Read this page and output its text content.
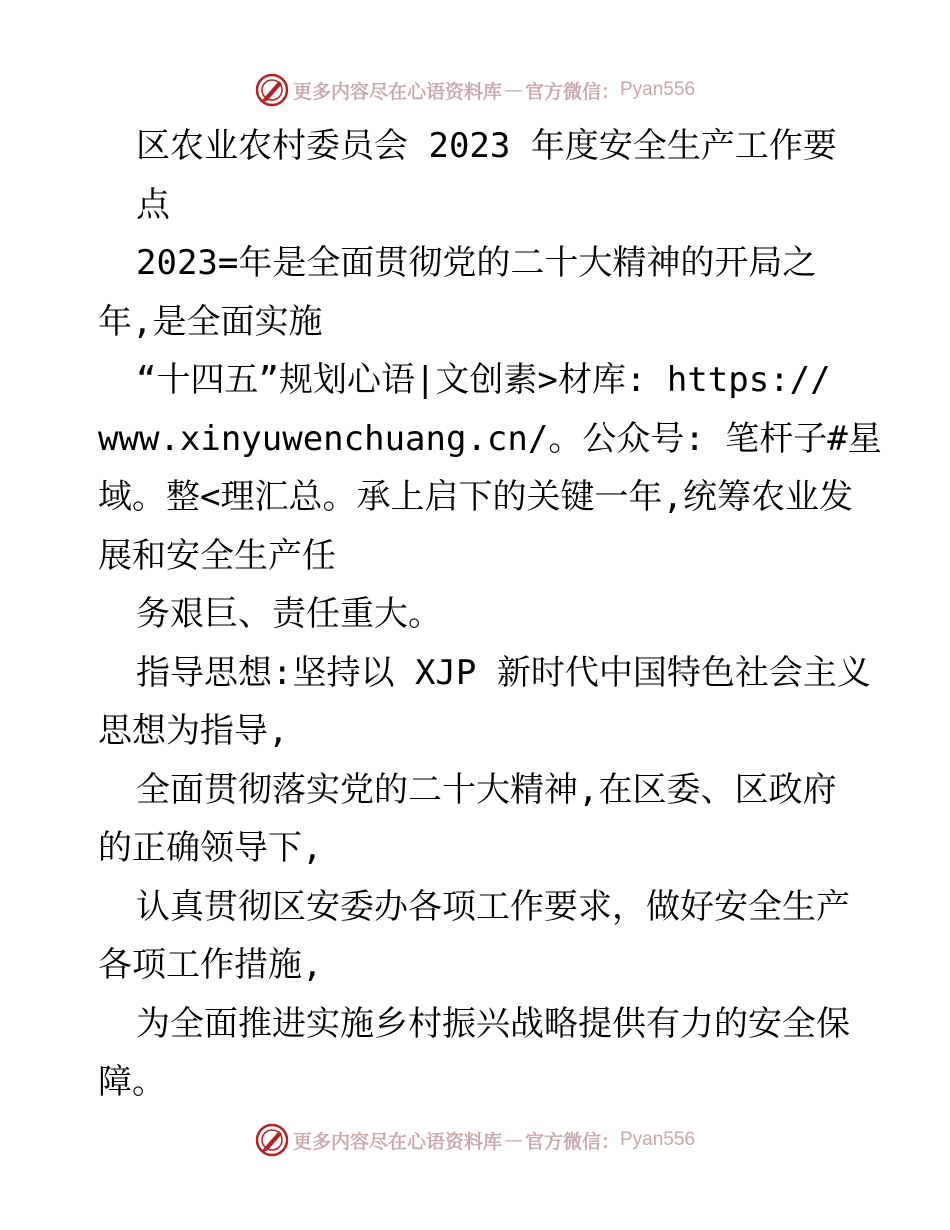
更多内容尽在心语资料库 — 官方微信： Pyan556
区农业农村委员会 2023 年度安全生产工作要
点
2023=年是全面贯彻党的二十大精神的开局之
年,是全面实施
“十四五”规划心语|文创素>材库: https://
www.xinyuwenchuang.cn/。公众号: 笔杆子#星
域。整<理汇总。承上启下的关键一年,统筹农业发
展和安全生产任
务艰巨、责任重大。
指导思想:坚持以 XJP 新时代中国特色社会主义
思想为指导,
全面贯彻落实党的二十大精神,在区委、区政府
的正确领导下,
认真贯彻区安委办各项工作要求，做好安全生产
各项工作措施,
为全面推进实施乡村振兴战略提供有力的安全保
障。
更多内容尽在心语资料库 — 官方微信： Pyan556
